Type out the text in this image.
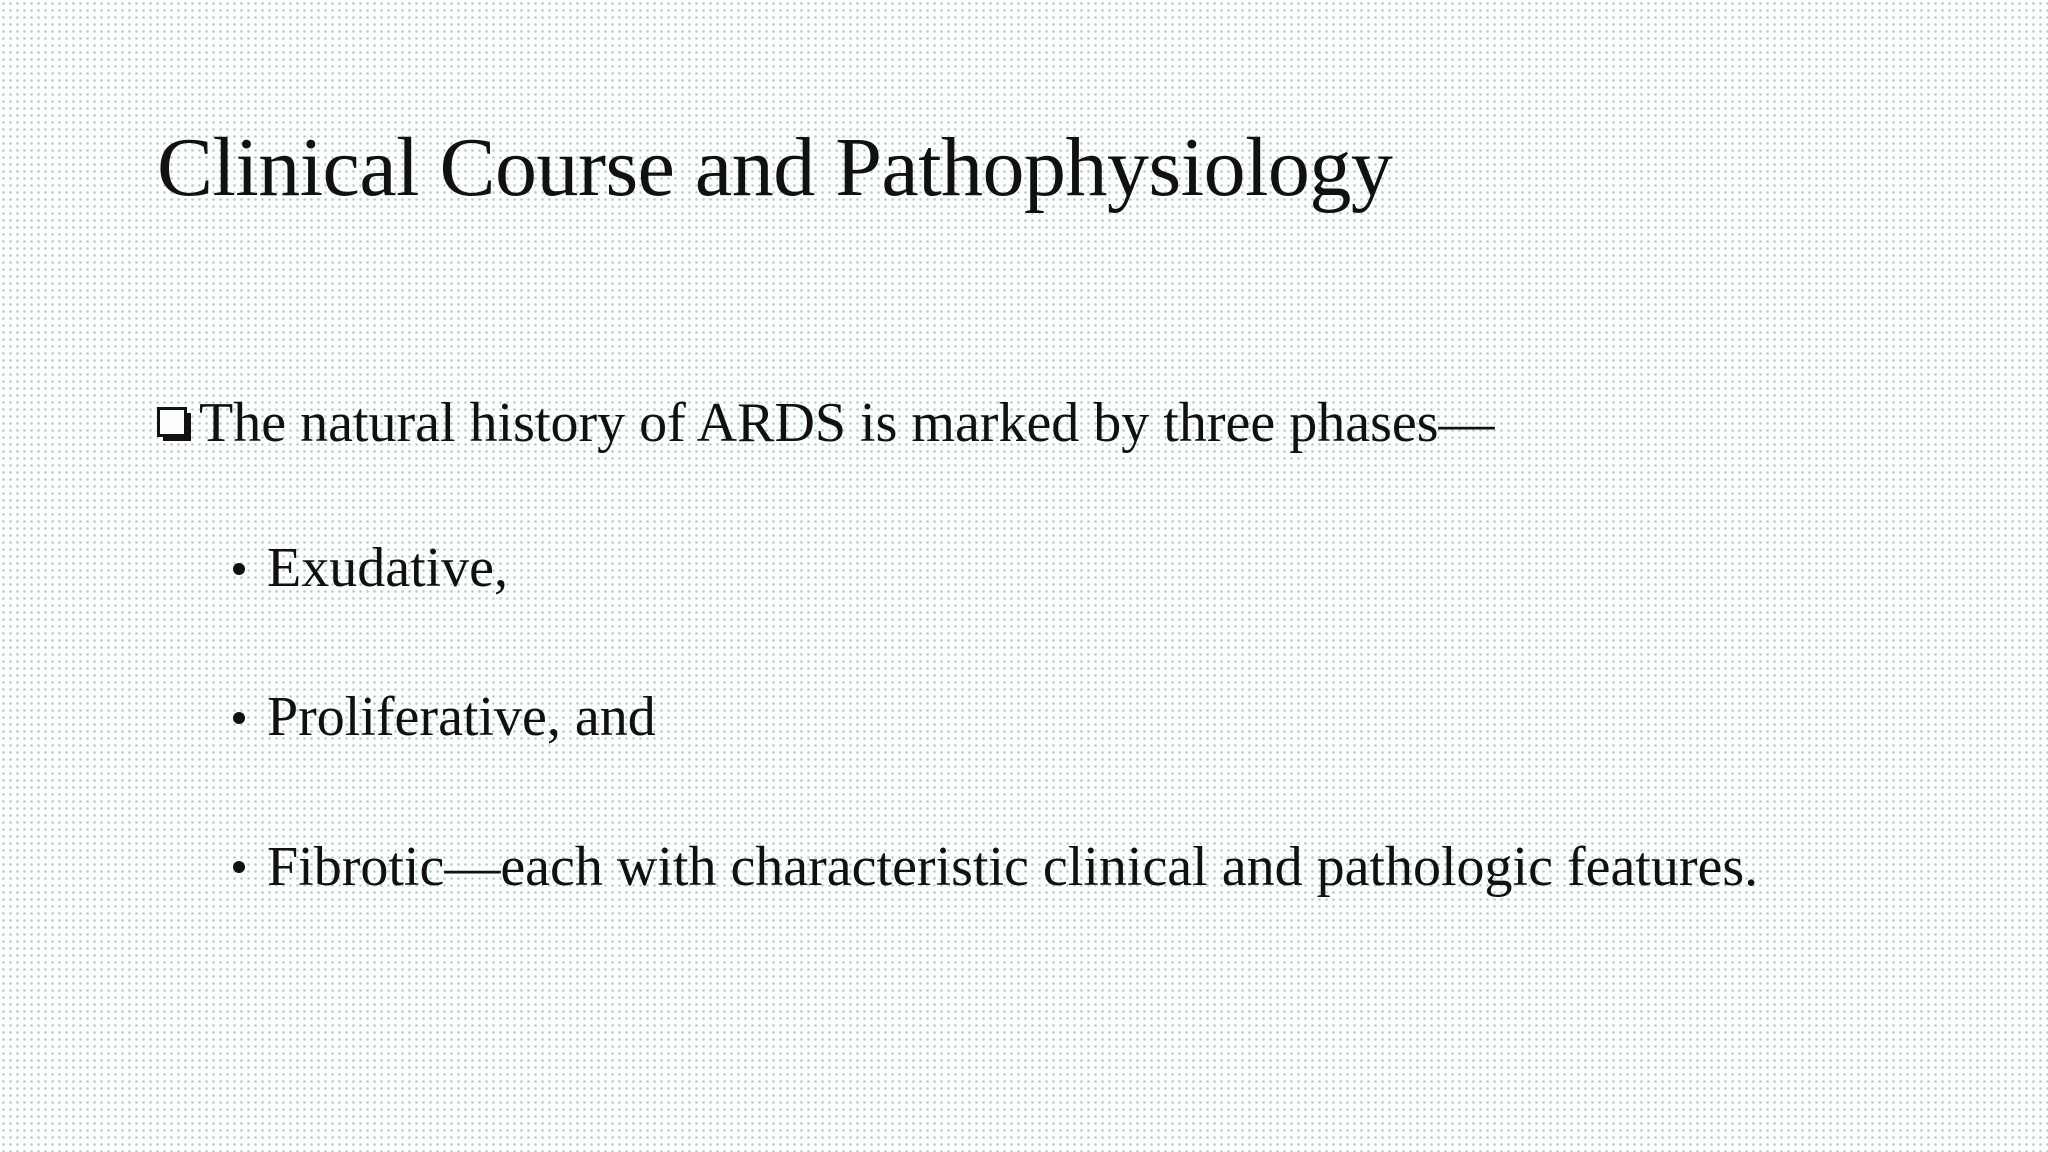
Clinical Course and Pathophysiology
The natural history of ARDS is marked by three phases—
Exudative,
Proliferative, and
Fibrotic—each with characteristic clinical and pathologic features.
